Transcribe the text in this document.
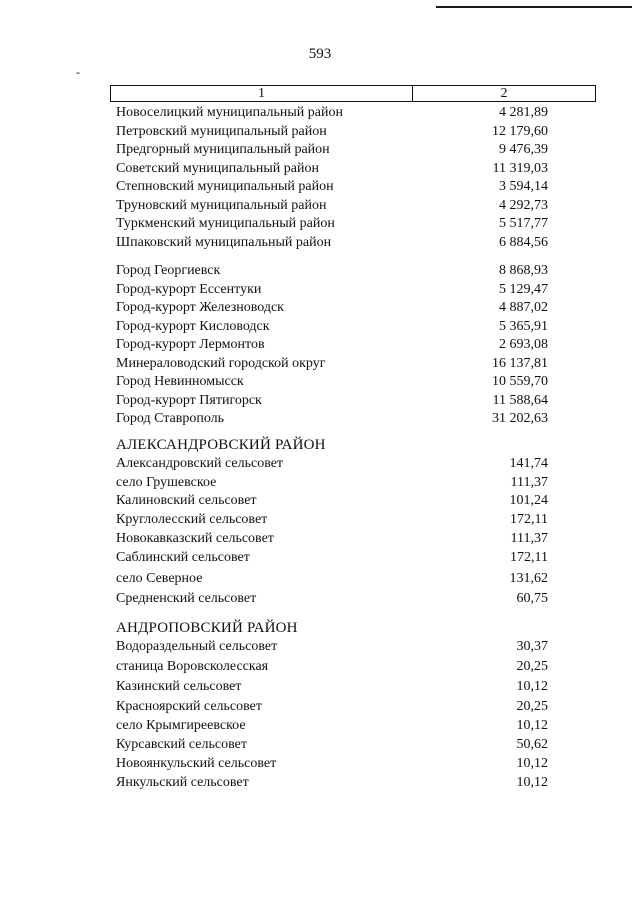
593
-
1	2
Новоселицкий муниципальный район	4 281,89
Петровский муниципальный район	12 179,60
Предгорный муниципальный район	9 476,39
Советский муниципальный район	11 319,03
Степновский муниципальный район	3 594,14
Труновский муниципальный район	4 292,73
Туркменский муниципальный район	5 517,77
Шпаковский муниципальный район	6 884,56
Город Георгиевск	8 868,93
Город-курорт Ессентуки	5 129,47
Город-курорт Железноводск	4 887,02
Город-курорт Кисловодск	5 365,91
Город-курорт Лермонтов	2 693,08
Минераловодский городской округ	16 137,81
Город Невинномысск	10 559,70
Город-курорт Пятигорск	11 588,64
Город Ставрополь	31 202,63
АЛЕКСАНДРОВСКИЙ РАЙОН
Александровский сельсовет	141,74
село Грушевское	111,37
Калиновский сельсовет	101,24
Круглолесский сельсовет	172,11
Новокавказский сельсовет	111,37
Саблинский сельсовет	172,11
село Северное	131,62
Средненский сельсовет	60,75
АНДРОПОВСКИЙ РАЙОН
Водораздельный сельсовет	30,37
станица Воровсколесская	20,25
Казинский сельсовет	10,12
Красноярский сельсовет	20,25
село Крымгиреевское	10,12
Курсавский сельсовет	50,62
Новоянкульский сельсовет	10,12
Янкульский сельсовет	10,12
